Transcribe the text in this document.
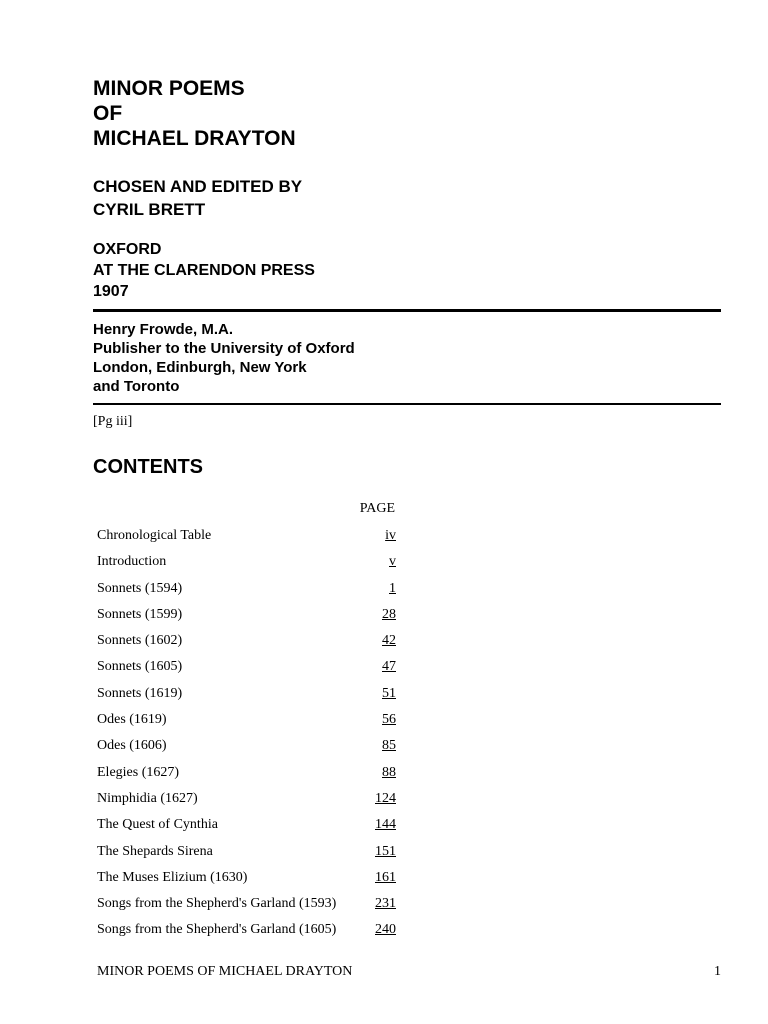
MINOR POEMS
OF
MICHAEL DRAYTON
CHOSEN AND EDITED BY
CYRIL BRETT
OXFORD
AT THE CLARENDON PRESS
1907
Henry Frowde, M.A.
Publisher to the University of Oxford
London, Edinburgh, New York
and Toronto
[Pg iii]
CONTENTS
PAGE
Chronological Table	iv
Introduction	v
Sonnets (1594)	1
Sonnets (1599)	28
Sonnets (1602)	42
Sonnets (1605)	47
Sonnets (1619)	51
Odes (1619)	56
Odes (1606)	85
Elegies (1627)	88
Nimphidia (1627)	124
The Quest of Cynthia	144
The Shepards Sirena	151
The Muses Elizium (1630)	161
Songs from the Shepherd's Garland (1593)	231
Songs from the Shepherd's Garland (1605)	240
MINOR POEMS OF MICHAEL DRAYTON	1
